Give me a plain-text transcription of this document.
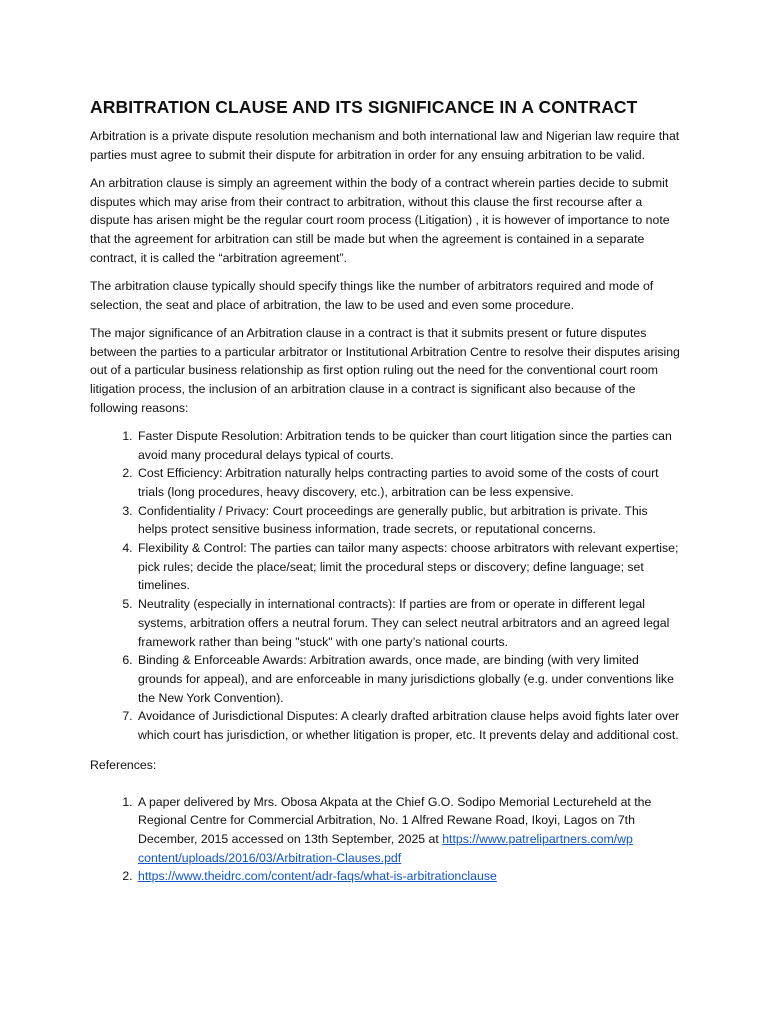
ARBITRATION CLAUSE AND ITS SIGNIFICANCE IN A CONTRACT

Arbitration is a private dispute resolution mechanism and both international law and Nigerian law require that parties must agree to submit their dispute for arbitration in order for any ensuing arbitration to be valid.

An arbitration clause is simply an agreement within the body of a contract wherein parties decide to submit disputes which may arise from their contract to arbitration, without this clause the first recourse after a dispute has arisen might be the regular court room process (Litigation) , it is however of importance to note that the agreement for arbitration can still be made but when the agreement is contained in a separate contract, it is called the “arbitration agreement”.

The arbitration clause typically should specify things like the number of arbitrators required and mode of selection, the seat and place of arbitration, the law to be used and even some procedure.

The major significance of an Arbitration clause in a contract is that it submits present or future disputes between the parties to a particular arbitrator or Institutional Arbitration Centre to resolve their disputes arising out of a particular business relationship as first option ruling out the need for the conventional court room litigation process, the inclusion of an arbitration clause in a contract is significant also because of the following reasons:

1. Faster Dispute Resolution: Arbitration tends to be quicker than court litigation since the parties can avoid many procedural delays typical of courts.
2. Cost Efficiency: Arbitration naturally helps contracting parties to avoid some of the costs of court trials (long procedures, heavy discovery, etc.), arbitration can be less expensive.
3. Confidentiality / Privacy: Court proceedings are generally public, but arbitration is private. This helps protect sensitive business information, trade secrets, or reputational concerns.
4. Flexibility & Control: The parties can tailor many aspects: choose arbitrators with relevant expertise; pick rules; decide the place/seat; limit the procedural steps or discovery; define language; set timelines.
5. Neutrality (especially in international contracts): If parties are from or operate in different legal systems, arbitration offers a neutral forum. They can select neutral arbitrators and an agreed legal framework rather than being "stuck" with one party’s national courts.
6. Binding & Enforceable Awards: Arbitration awards, once made, are binding (with very limited grounds for appeal), and are enforceable in many jurisdictions globally (e.g. under conventions like the New York Convention).
7. Avoidance of Jurisdictional Disputes: A clearly drafted arbitration clause helps avoid fights later over which court has jurisdiction, or whether litigation is proper, etc. It prevents delay and additional cost.

References:

1. A paper delivered by Mrs. Obosa Akpata at the Chief G.O. Sodipo Memorial Lectureheld at the Regional Centre for Commercial Arbitration, No. 1 Alfred Rewane Road, Ikoyi, Lagos on 7th December, 2015 accessed on 13th September, 2025 at https://www.patrelipartners.com/wp content/uploads/2016/03/Arbitration-Clauses.pdf
2. https://www.theidrc.com/content/adr-faqs/what-is-arbitrationclause
